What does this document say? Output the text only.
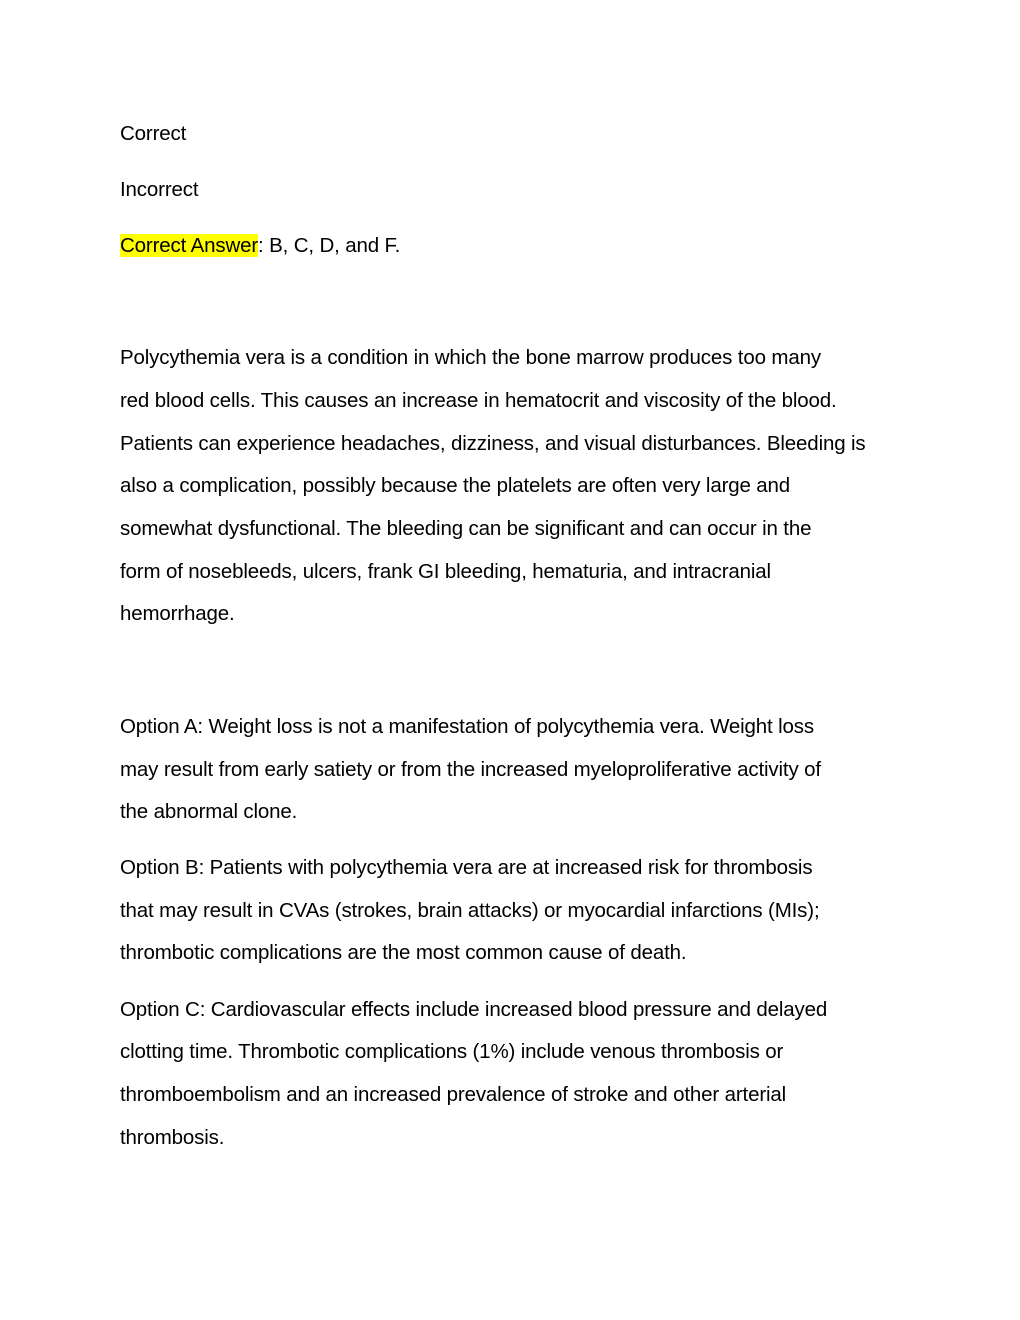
Correct
Incorrect
Correct Answer: B, C, D, and F.
Polycythemia vera is a condition in which the bone marrow produces too many
red blood cells. This causes an increase in hematocrit and viscosity of the blood.
Patients can experience headaches, dizziness, and visual disturbances. Bleeding is
also a complication, possibly because the platelets are often very large and
somewhat dysfunctional. The bleeding can be significant and can occur in the
form of nosebleeds, ulcers, frank GI bleeding, hematuria, and intracranial
hemorrhage.
Option A: Weight loss is not a manifestation of polycythemia vera. Weight loss
may result from early satiety or from the increased myeloproliferative activity of
the abnormal clone.
Option B: Patients with polycythemia vera are at increased risk for thrombosis
that may result in CVAs (strokes, brain attacks) or myocardial infarctions (MIs);
thrombotic complications are the most common cause of death.
Option C: Cardiovascular effects include increased blood pressure and delayed
clotting time. Thrombotic complications (1%) include venous thrombosis or
thromboembolism and an increased prevalence of stroke and other arterial
thrombosis.
